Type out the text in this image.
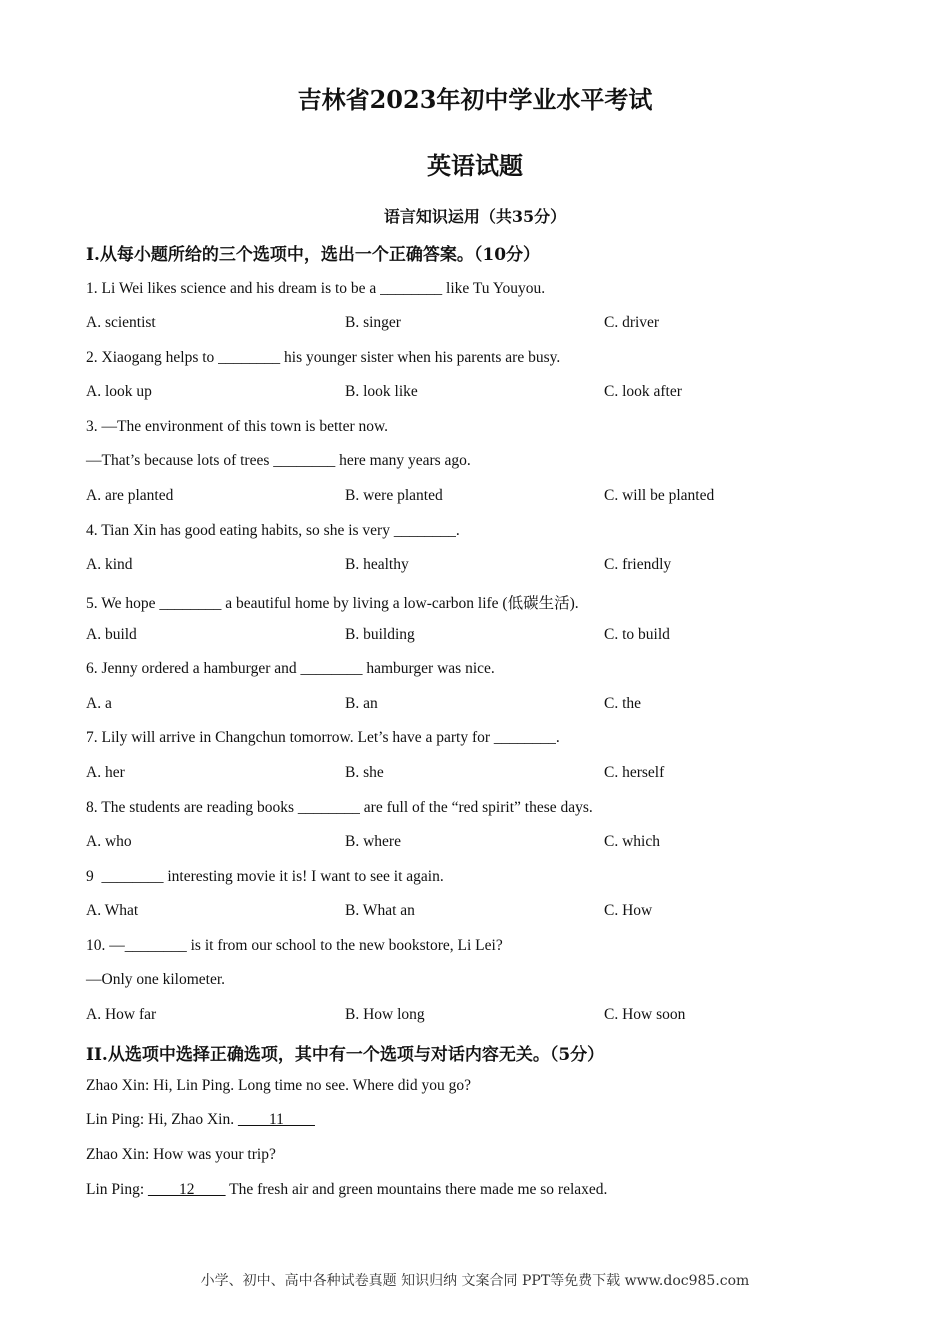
吉林省2023年初中学业水平考试
英语试题
语言知识运用（共35分）
I.从每小题所给的三个选项中，选出一个正确答案。（10分）
1. Li Wei likes science and his dream is to be a ________ like Tu Youyou.
A. scientist	B. singer	C. driver
2. Xiaogang helps to ________ his younger sister when his parents are busy.
A. look up	B. look like	C. look after
3. —The environment of this town is better now.
—That’s because lots of trees ________ here many years ago.
A. are planted	B. were planted	C. will be planted
4. Tian Xin has good eating habits, so she is very ________.
A. kind	B. healthy	C. friendly
5. We hope ________ a beautiful home by living a low-carbon life (低碳生活).
A. build	B. building	C. to build
6. Jenny ordered a hamburger and ________ hamburger was nice.
A. a	B. an	C. the
7. Lily will arrive in Changchun tomorrow. Let’s have a party for ________.
A. her	B. she	C. herself
8. The students are reading books ________ are full of the “red spirit” these days.
A. who	B. where	C. which
9  ________ interesting movie it is! I want to see it again.
A. What	B. What an	C. How
10. —________ is it from our school to the new bookstore, Li Lei?
—Only one kilometer.
A. How far	B. How long	C. How soon
II.从选项中选择正确选项，其中有一个选项与对话内容无关。（5分）
Zhao Xin: Hi, Lin Ping. Long time no see. Where did you go?
Lin Ping: Hi, Zhao Xin. ____11____
Zhao Xin: How was your trip?
Lin Ping: ____12____ The fresh air and green mountains there made me so relaxed.
小学、初中、高中各种试卷真题 知识归纳 文案合同 PPT等免费下载 www.doc985.com
